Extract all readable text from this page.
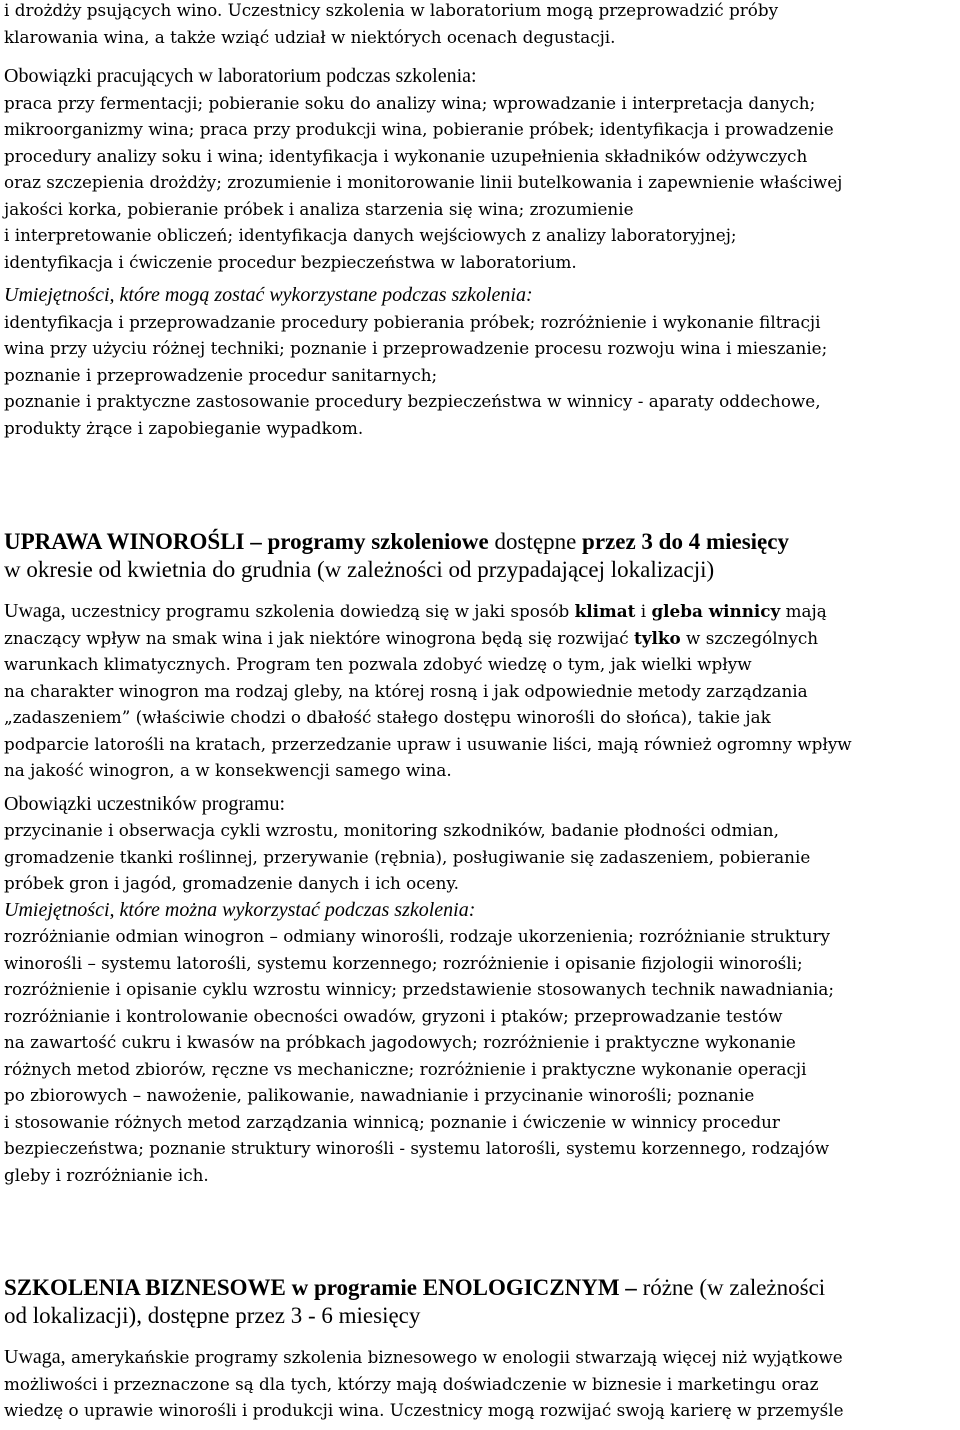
i drożdży psujących wino. Uczestnicy szkolenia w laboratorium mogą przeprowadzić próby
klarowania wina, a także wziąć udział w niektórych ocenach degustacji.

Obowiązki pracujących w laboratorium podczas szkolenia:

praca przy fermentacji; pobieranie soku do analizy wina; wprowadzanie i interpretacja danych;
mikroorganizmy wina; praca przy produkcji wina, pobieranie próbek; identyfikacja i prowadzenie
procedury analizy soku i wina; identyfikacja i wykonanie uzupełnienia składników odżywczych
oraz szczepienia drożdży; zrozumienie i monitorowanie linii butelkowania i zapewnienie właściwej
jakości korka, pobieranie próbek i analiza starzenia się wina; zrozumienie
i interpretowanie obliczeń; identyfikacja danych wejściowych z analizy laboratoryjnej;
identyfikacja i ćwiczenie procedur bezpieczeństwa w laboratorium.

Umiejętności, które mogą zostać wykorzystane podczas szkolenia:

identyfikacja i przeprowadzanie procedury pobierania próbek; rozróżnienie i wykonanie filtracji
wina przy użyciu różnej techniki; poznanie i przeprowadzenie procesu rozwoju wina i mieszanie;
poznanie i przeprowadzenie procedur sanitarnych;
poznanie i praktyczne zastosowanie procedury bezpieczeństwa w winnicy - aparaty oddechowe,
produkty żrące i zapobieganie wypadkom.

UPRAWA WINOROŚLI – programy szkoleniowe dostępne przez 3 do 4 miesięcy

w okresie od kwietnia do grudnia (w zależności od przypadającej lokalizacji)

Uwaga, uczestnicy programu szkolenia dowiedzą się w jaki sposób klimat i gleba winnicy mają
znaczący wpływ na smak wina i jak niektóre winogrona będą się rozwijać tylko w szczególnych
warunkach klimatycznych. Program ten pozwala zdobyć wiedzę o tym, jak wielki wpływ
na charakter winogron ma rodzaj gleby, na której rosną i jak odpowiednie metody zarządzania
„zadaszeniem” (właściwie chodzi o dbałość stałego dostępu winorośli do słońca), takie jak
podparcie latorośli na kratach, przerzedzanie upraw i usuwanie liści, mają również ogromny wpływ
na jakość winogron, a w konsekwencji samego wina.

Obowiązki uczestników programu:

przycinanie i obserwacja cykli wzrostu, monitoring szkodników, badanie płodności odmian,
gromadzenie tkanki roślinnej, przerywanie (rębnia), posługiwanie się zadaszeniem, pobieranie
próbek gron i jagód, gromadzenie danych i ich oceny.

Umiejętności, które można wykorzystać podczas szkolenia:

rozróżnianie odmian winogron – odmiany winorośli, rodzaje ukorzenienia; rozróżnianie struktury
winorośli – systemu latorośli, systemu korzennego; rozróżnienie i opisanie fizjologii winorośli;
rozróżnienie i opisanie cyklu wzrostu winnicy; przedstawienie stosowanych technik nawadniania;
rozróżnianie i kontrolowanie obecności owadów, gryzoni i ptaków; przeprowadzanie testów
na zawartość cukru i kwasów na próbkach jagodowych; rozróżnienie i praktyczne wykonanie
różnych metod zbiorów, ręczne vs mechaniczne; rozróżnienie i praktyczne wykonanie operacji
po zbiorowych – nawożenie, palikowanie, nawadnianie i przycinanie winorośli; poznanie
i stosowanie różnych metod zarządzania winnicą; poznanie i ćwiczenie w winnicy procedur
bezpieczeństwa; poznanie struktury winorośli - systemu latorośli, systemu korzennego, rodzajów
gleby i rozróżnianie ich.

SZKOLENIA BIZNESOWE w programie ENOLOGICZNYM – różne (w zależności

od lokalizacji), dostępne przez 3 - 6 miesięcy

Uwaga, amerykańskie programy szkolenia biznesowego w enologii stwarzają więcej niż wyjątkowe
możliwości i przeznaczone są dla tych, którzy mają doświadczenie w biznesie i marketingu oraz
wiedzę o uprawie winorośli i produkcji wina. Uczestnicy mogą rozwijać swoją karierę w przemyśle
